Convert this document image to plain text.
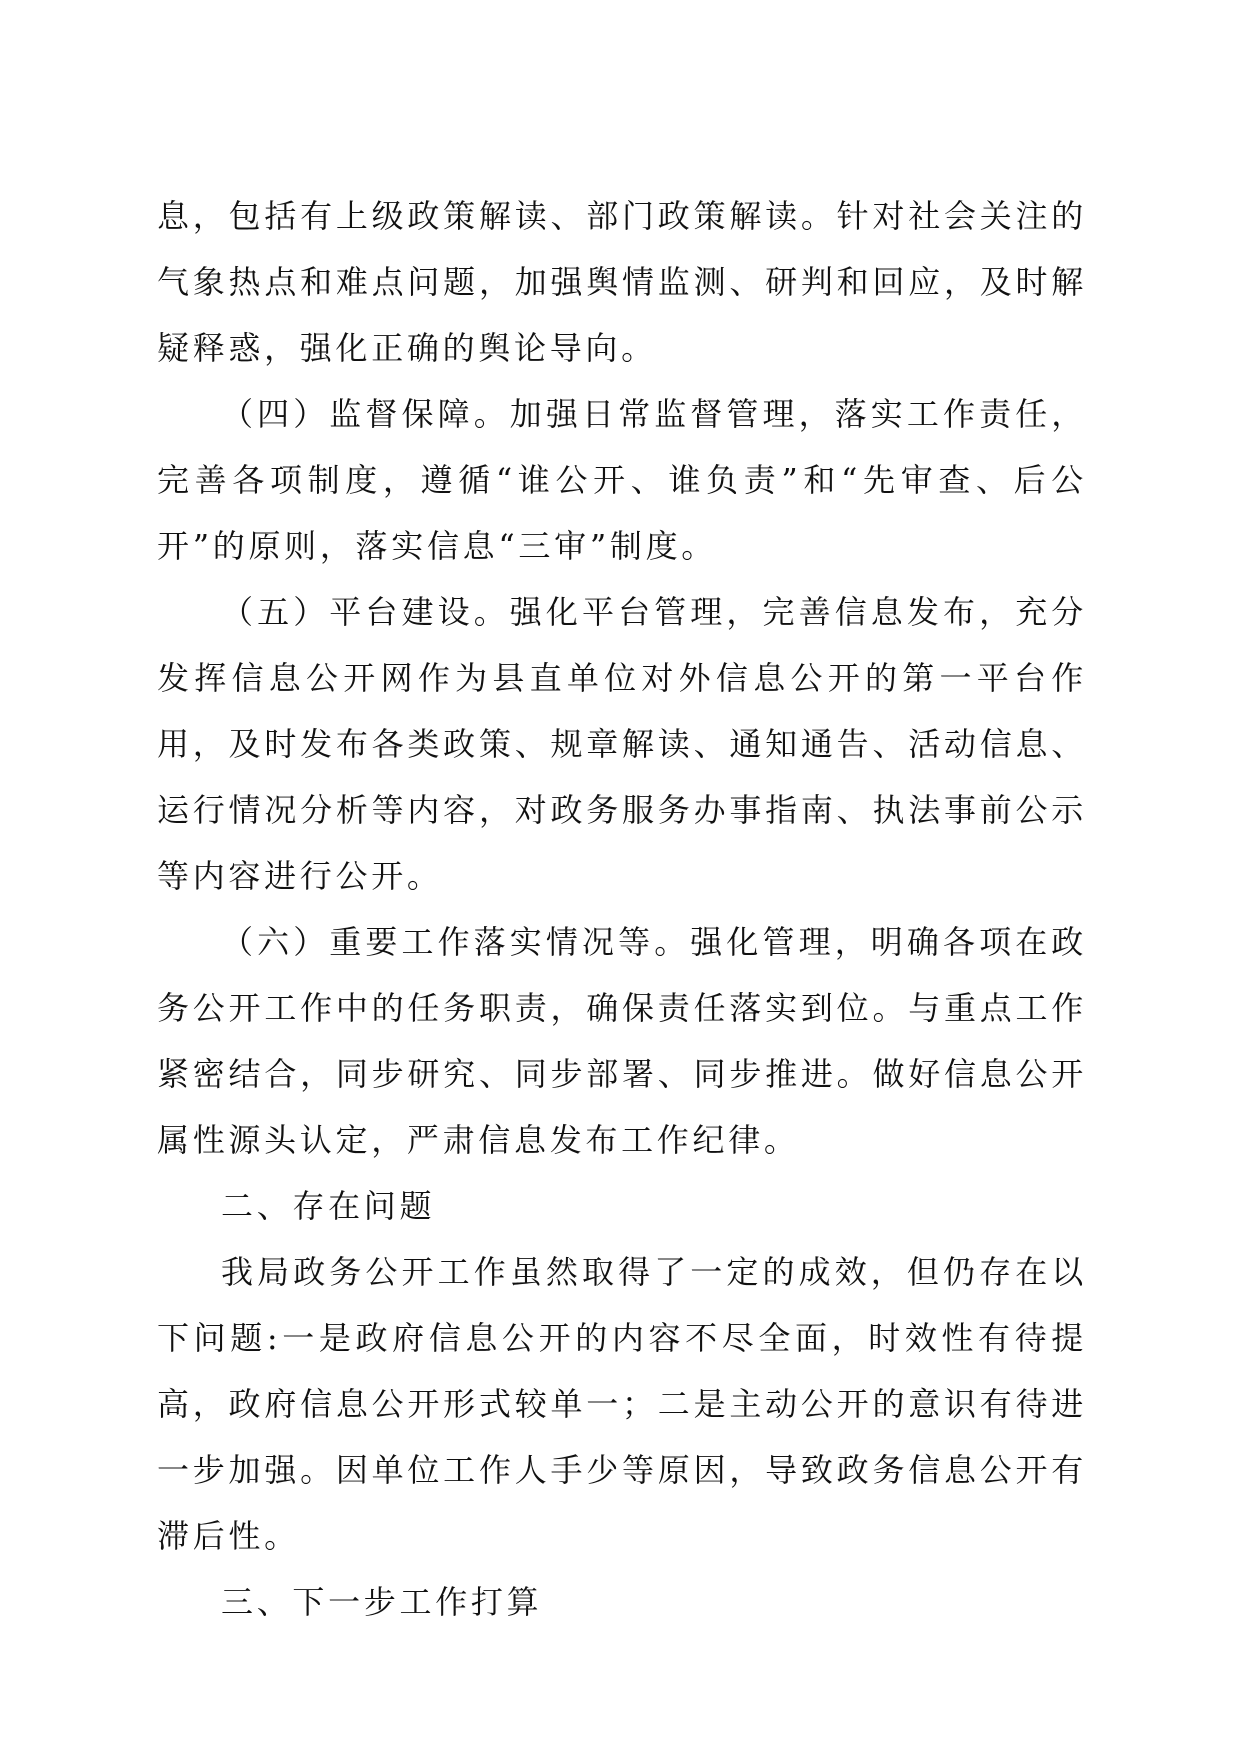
息，包括有上级政策解读、部门政策解读。针对社会关注的气象热点和难点问题，加强舆情监测、研判和回应，及时解疑释惑，强化正确的舆论导向。

（四）监督保障。加强日常监督管理，落实工作责任，完善各项制度，遵循“谁公开、谁负责”和“先审查、后公开”的原则，落实信息“三审”制度。

（五）平台建设。强化平台管理，完善信息发布，充分发挥信息公开网作为县直单位对外信息公开的第一平台作用，及时发布各类政策、规章解读、通知通告、活动信息、运行情况分析等内容，对政务服务办事指南、执法事前公示等内容进行公开。

（六）重要工作落实情况等。强化管理，明确各项在政务公开工作中的任务职责，确保责任落实到位。与重点工作紧密结合，同步研究、同步部署、同步推进。做好信息公开属性源头认定，严肃信息发布工作纪律。

二、存在问题

我局政务公开工作虽然取得了一定的成效，但仍存在以下问题:一是政府信息公开的内容不尽全面，时效性有待提高，政府信息公开形式较单一；二是主动公开的意识有待进一步加强。因单位工作人手少等原因，导致政务信息公开有滞后性。

三、下一步工作打算
